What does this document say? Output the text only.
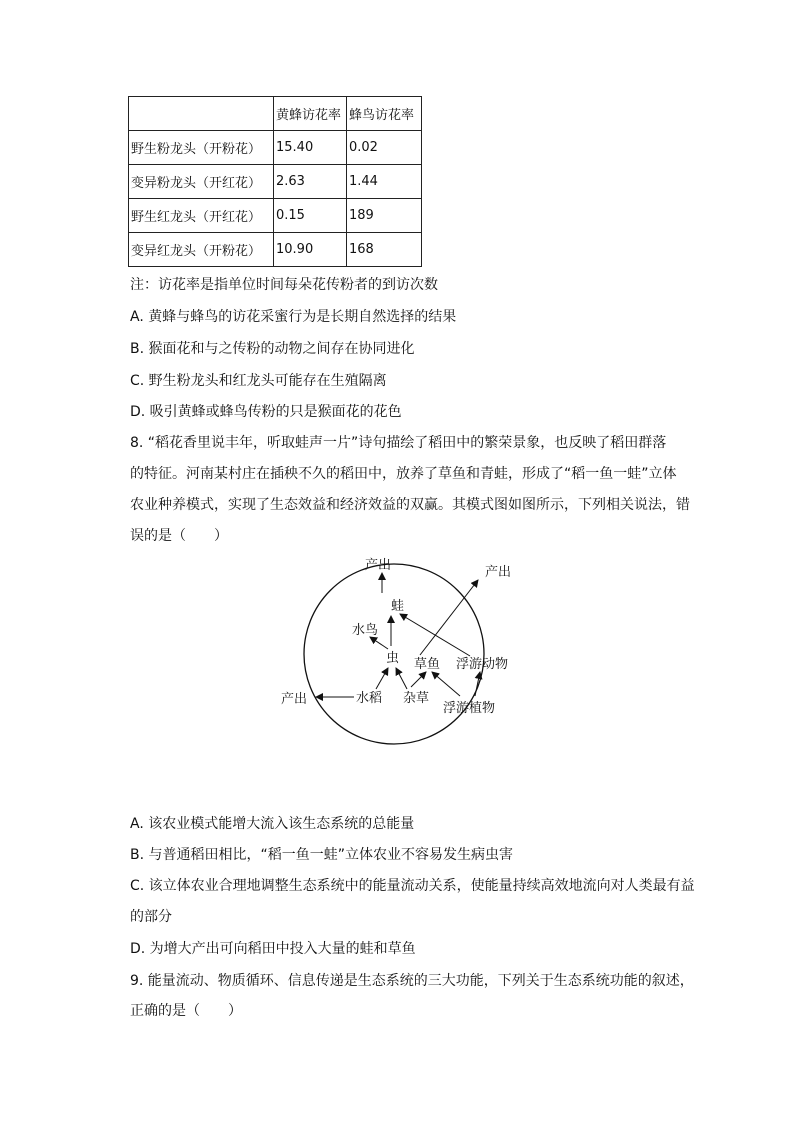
	黄蜂访花率	蜂鸟访花率
野生粉龙头（开粉花）	15.40	0.02
变异粉龙头（开红花）	2.63	1.44
野生红龙头（开红花）	0.15	189
变异红龙头（开粉花）	10.90	168
注：访花率是指单位时间每朵花传粉者的到访次数
A. 黄蜂与蜂鸟的访花采蜜行为是长期自然选择的结果
B. 猴面花和与之传粉的动物之间存在协同进化
C. 野生粉龙头和红龙头可能存在生殖隔离
D. 吸引黄蜂或蜂鸟传粉的只是猴面花的花色
8. “稻花香里说丰年，听取蛙声一片”诗句描绘了稻田中的繁荣景象，也反映了稻田群落
的特征。河南某村庄在插秧不久的稻田中，放养了草鱼和青蛙，形成了“稻一鱼一蛙”立体
农业种养模式，实现了生态效益和经济效益的双赢。其模式图如图所示，下列相关说法，错
误的是（　　）
产出	产出
产出
蛙
水鸟
虫 草鱼 浮游动物
水稻 杂草
浮游植物
A. 该农业模式能增大流入该生态系统的总能量
B. 与普通稻田相比，“稻一鱼一蛙”立体农业不容易发生病虫害
C. 该立体农业合理地调整生态系统中的能量流动关系，使能量持续高效地流向对人类最有益
的部分
D. 为增大产出可向稻田中投入大量的蛙和草鱼
9. 能量流动、物质循环、信息传递是生态系统的三大功能，下列关于生态系统功能的叙述，
正确的是（　　）
